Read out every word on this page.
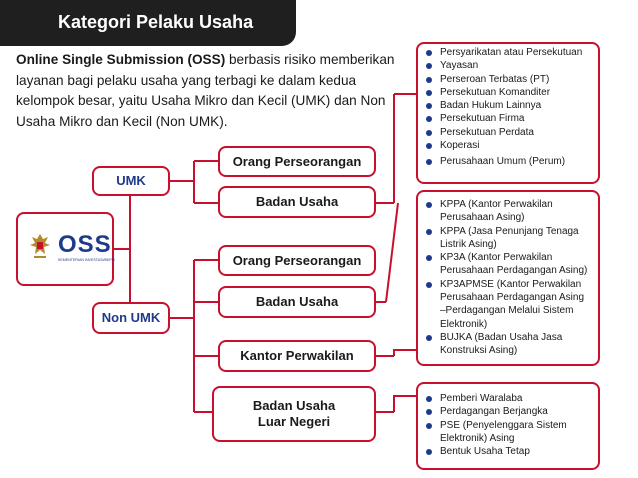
Kategori Pelaku Usaha

Online Single Submission (OSS) berbasis risiko memberikan layanan bagi pelaku usaha yang terbagi ke dalam kedua kelompok besar, yaitu Usaha Mikro dan Kecil (UMK) dan Non Usaha Mikro dan Kecil (Non UMK).

OSS
KEMENTERIAN INVESTASI/BKPM
UMK
Non UMK
Orang Perseorangan
Badan Usaha
Orang Perseorangan
Badan Usaha
Kantor Perwakilan
Badan Usaha
Luar Negeri
Persyarikatan atau Persekutuan
Yayasan
Perseroan Terbatas (PT)
Persekutuan Komanditer
Badan Hukum Lainnya
Persekutuan Firma
Persekutuan Perdata
Koperasi
Perusahaan Umum (Perum)
KPPA (Kantor Perwakilan Perusahaan Asing)
KPPA (Jasa Penunjang Tenaga Listrik Asing)
KP3A (Kantor Perwakilan Perusahaan Perdagangan Asing)
KP3APMSE (Kantor Perwakilan Perusahaan Perdagangan Asing –Perdagangan Melalui Sistem Elektronik)
BUJKA (Badan Usaha Jasa Konstruksi Asing)
Pemberi Waralaba
Perdagangan Berjangka
PSE (Penyelenggara Sistem Elektronik) Asing
Bentuk Usaha Tetap
